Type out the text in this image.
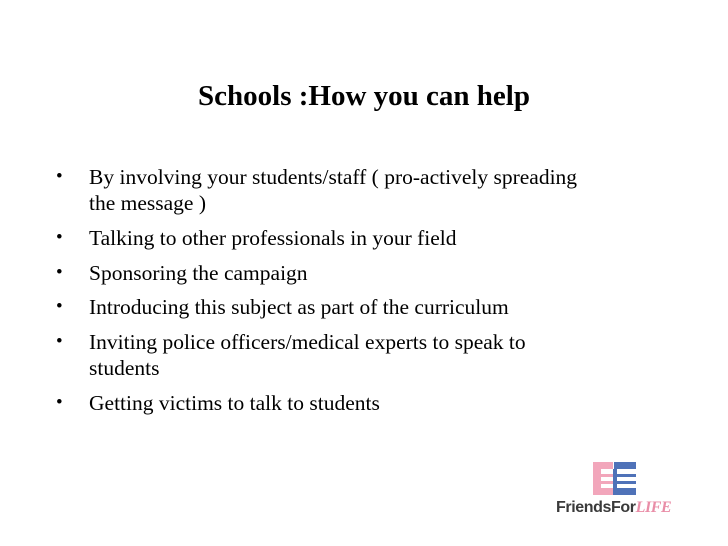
Schools :How you can help
•	By involving your students/staff ( pro-actively spreading
the message )
•	Talking to other professionals in your field
•	Sponsoring the campaign
•	Introducing this subject as part of the curriculum
•	Inviting police officers/medical experts to speak to
students
•	Getting victims to talk to students
FriendsForLIFE
